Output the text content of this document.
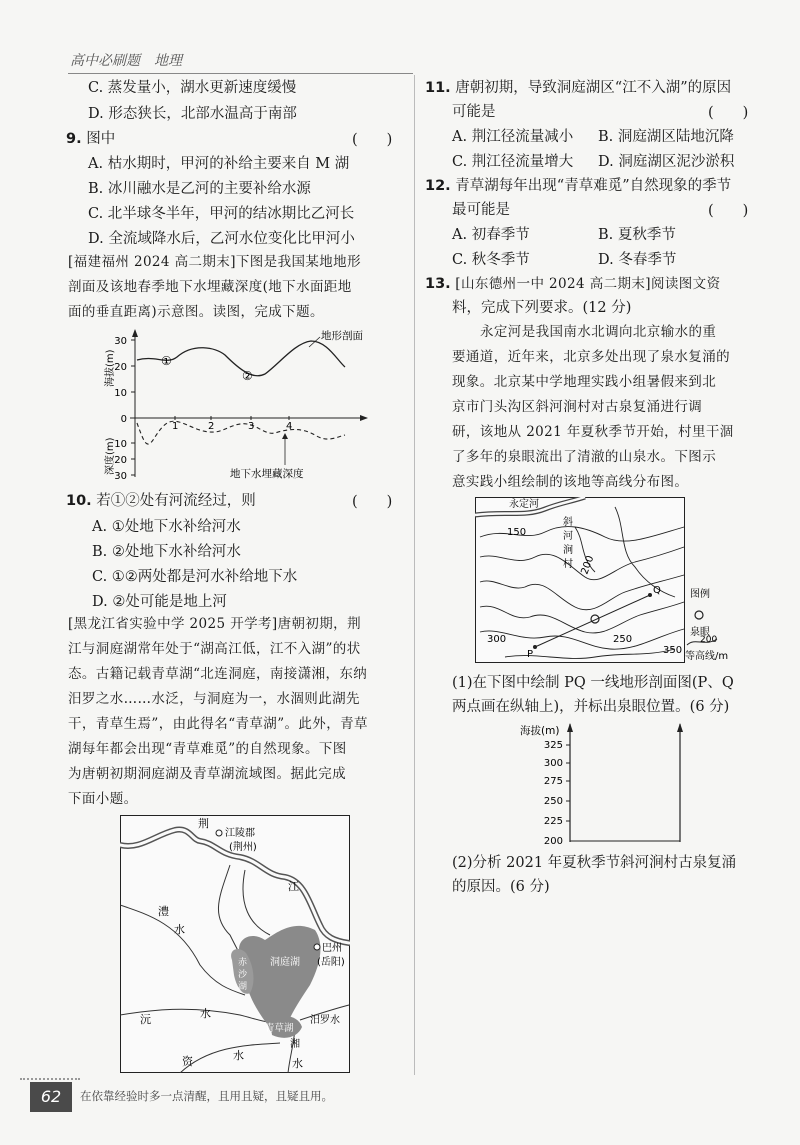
高中必刷题　地理
C. 蒸发量小，湖水更新速度缓慢
D. 形态狭长，北部水温高于南部
9. 图中	(　　)
A. 枯水期时，甲河的补给主要来自 M 湖
B. 冰川融水是乙河的主要补给水源
C. 北半球冬半年，甲河的结冰期比乙河长
D. 全流域降水后，乙河水位变化比甲河小
[福建福州 2024 高二期末]下图是我国某地地形
剖面及该地春季地下水埋藏深度(地下水面距地
面的垂直距离)示意图。读图，完成下题。
30
20
10
0
10
20
30
海拔(m)
深度(m)
①
②
1	2	3	4
地形剖面
地下水埋藏深度
10. 若①②处有河流经过，则	(　　)
A. ①处地下水补给河水
B. ②处地下水补给河水
C. ①②两处都是河水补给地下水
D. ②处可能是地上河
[黑龙江省实验中学 2025 开学考]唐朝初期，荆
江与洞庭湖常年处于“湖高江低，江不入湖”的状
态。古籍记载青草湖“北连洞庭，南接潇湘，东纳
汨罗之水……水泛，与洞庭为一，水涸则此湖先
干，青草生焉”，由此得名“青草湖”。此外，青草
湖每年都会出现“青草难觅”的自然现象。下图
为唐朝初期洞庭湖及青草湖流域图。据此完成
下面小题。
江陵郡
(荆州)
荆
江
澧
水
巴州
(岳阳)
洞庭湖
赤
沙
湖
沅	水
青草湖
汨罗水
资	水
湘
水
11. 唐朝初期，导致洞庭湖区“江不入湖”的原因
可能是	(　　)
A. 荆江径流量减小 B. 洞庭湖区陆地沉降
C. 荆江径流量增大 D. 洞庭湖区泥沙淤积
12. 青草湖每年出现“青草难觅”自然现象的季节
最可能是	(　　)
A. 初春季节	B. 夏秋季节
C. 秋冬季节	D. 冬春季节
13. [山东德州一中 2024 高二期末]阅读图文资
料，完成下列要求。(12 分)
永定河是我国南水北调向北京输水的重
要通道，近年来，北京多处出现了泉水复涌的
现象。北京某中学地理实践小组暑假来到北
京市门头沟区斜河涧村对古泉复涌进行调
研，该地从 2021 年夏秋季节开始，村里干涸
了多年的泉眼流出了清澈的山泉水。下图示
意实践小组绘制的该地等高线分布图。
150
200
300	250
350
永定河
斜
河
涧
村
P
Q	图例
泉眼
200
等高线/m
(1)在下图中绘制 PQ 一线地形剖面图(P、Q
两点画在纵轴上)，并标出泉眼位置。(6 分)
海拔(m)
325
300
275
250
225
200
(2)分析 2021 年夏秋季节斜河涧村古泉复涌
的原因。(6 分)
62	在依靠经验时多一点清醒，且用且疑，且疑且用。
